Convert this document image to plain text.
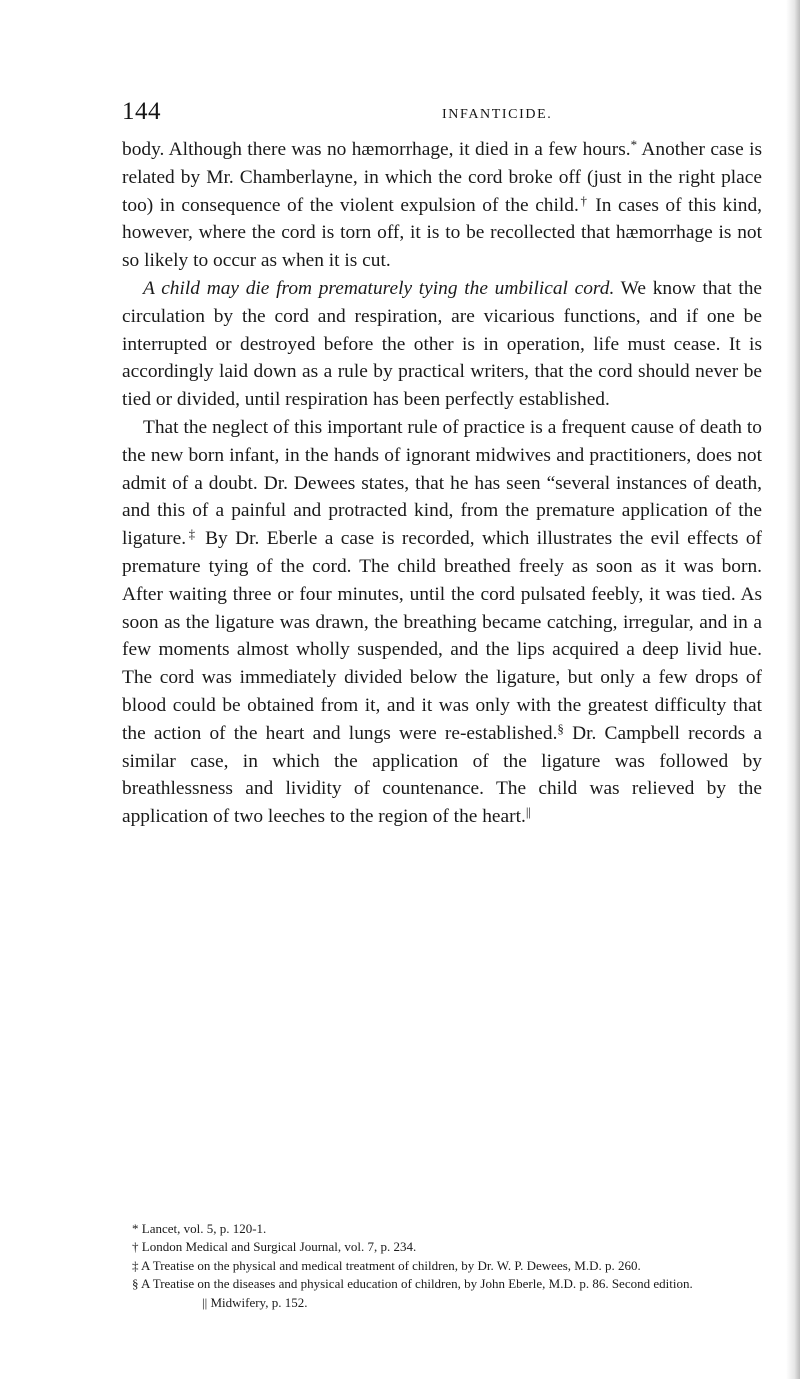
144	INFANTICIDE.

body. Although there was no hæmorrhage, it died in a few hours.* Another case is related by Mr. Chamberlayne, in which the cord broke off (just in the right place too) in consequence of the violent expulsion of the child.† In cases of this kind, however, where the cord is torn off, it is to be recollected that hæmorrhage is not so likely to occur as when it is cut.

A child may die from prematurely tying the umbilical cord. We know that the circulation by the cord and respiration, are vicarious functions, and if one be interrupted or destroyed before the other is in operation, life must cease. It is accordingly laid down as a rule by practical writers, that the cord should never be tied or divided, until respiration has been perfectly established.

That the neglect of this important rule of practice is a frequent cause of death to the new born infant, in the hands of ignorant midwives and practitioners, does not admit of a doubt. Dr. Dewees states, that he has seen “several instances of death, and this of a painful and protracted kind, from the premature application of the ligature.‡ By Dr. Eberle a case is recorded, which illustrates the evil effects of premature tying of the cord. The child breathed freely as soon as it was born. After waiting three or four minutes, until the cord pulsated feebly, it was tied. As soon as the ligature was drawn, the breathing became catching, irregular, and in a few moments almost wholly suspended, and the lips acquired a deep livid hue. The cord was immediately divided below the ligature, but only a few drops of blood could be obtained from it, and it was only with the greatest difficulty that the action of the heart and lungs were re-established.§ Dr. Campbell records a similar case, in which the application of the ligature was followed by breathlessness and lividity of countenance. The child was relieved by the application of two leeches to the region of the heart.||

* Lancet, vol. 5, p. 120-1.
† London Medical and Surgical Journal, vol. 7, p. 234.
‡ A Treatise on the physical and medical treatment of children, by Dr. W. P. Dewees, M.D. p. 260.
§ A Treatise on the diseases and physical education of children, by John Eberle, M.D. p. 86. Second edition.|| Midwifery, p. 152.
